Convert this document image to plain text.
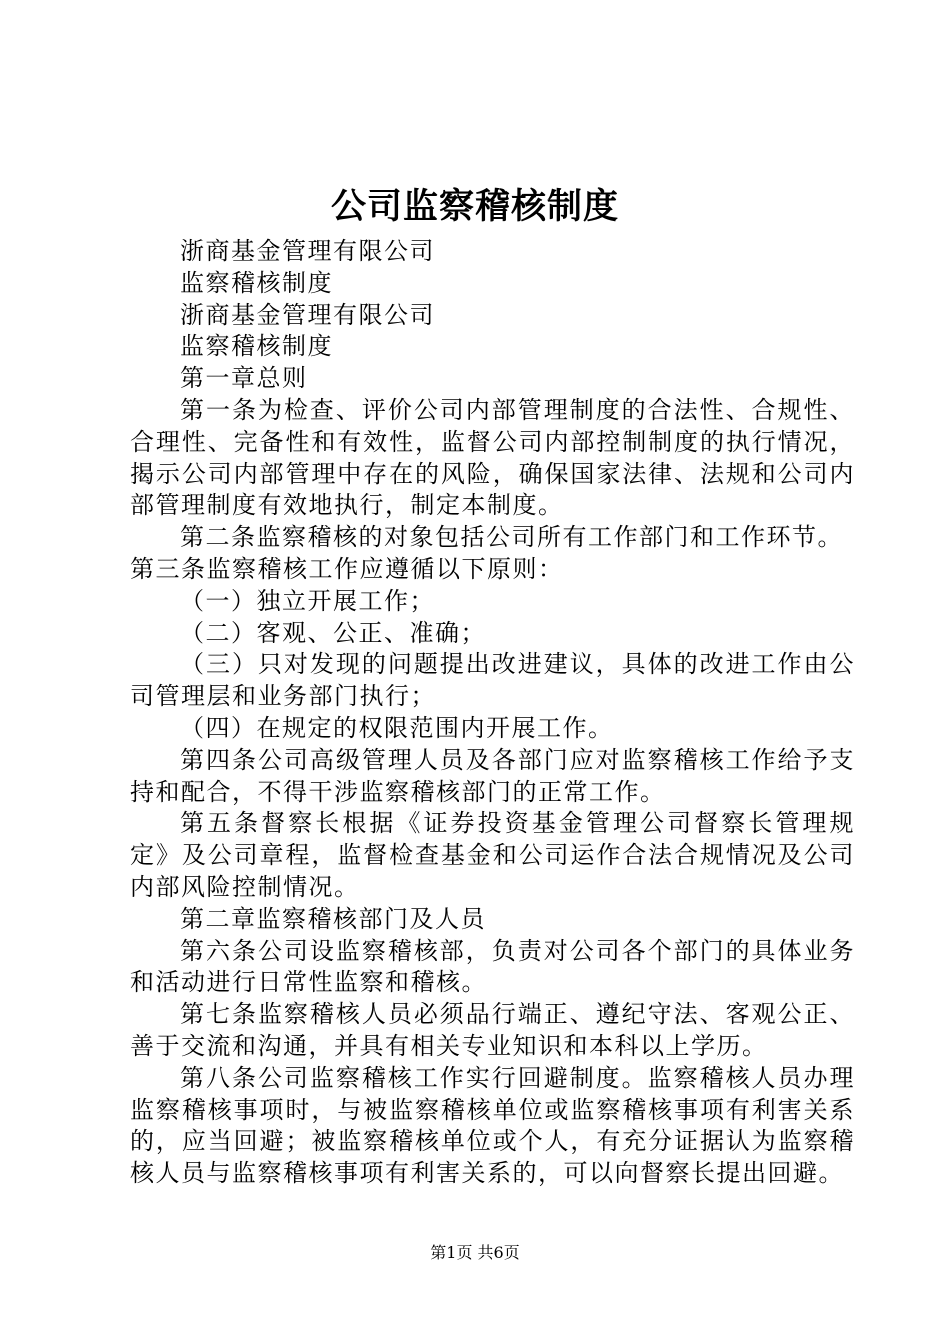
公司监察稽核制度

浙商基金管理有限公司

监察稽核制度

浙商基金管理有限公司

监察稽核制度

第一章总则

第一条为检查、评价公司内部管理制度的合法性、合规性、合理性、完备性和有效性，监督公司内部控制制度的执行情况，揭示公司内部管理中存在的风险，确保国家法律、法规和公司内部管理制度有效地执行，制定本制度。

第二条监察稽核的对象包括公司所有工作部门和工作环节。

第三条监察稽核工作应遵循以下原则：

（一）独立开展工作；

（二）客观、公正、准确；

（三）只对发现的问题提出改进建议，具体的改进工作由公司管理层和业务部门执行；

（四）在规定的权限范围内开展工作。

第四条公司高级管理人员及各部门应对监察稽核工作给予支持和配合，不得干涉监察稽核部门的正常工作。

第五条督察长根据《证券投资基金管理公司督察长管理规定》及公司章程，监督检查基金和公司运作合法合规情况及公司内部风险控制情况。

第二章监察稽核部门及人员

第六条公司设监察稽核部，负责对公司各个部门的具体业务和活动进行日常性监察和稽核。

第七条监察稽核人员必须品行端正、遵纪守法、客观公正、善于交流和沟通，并具有相关专业知识和本科以上学历。

第八条公司监察稽核工作实行回避制度。监察稽核人员办理监察稽核事项时，与被监察稽核单位或监察稽核事项有利害关系的，应当回避；被监察稽核单位或个人，有充分证据认为监察稽核人员与监察稽核事项有利害关系的，可以向督察长提出回避。

第1页 共6页
